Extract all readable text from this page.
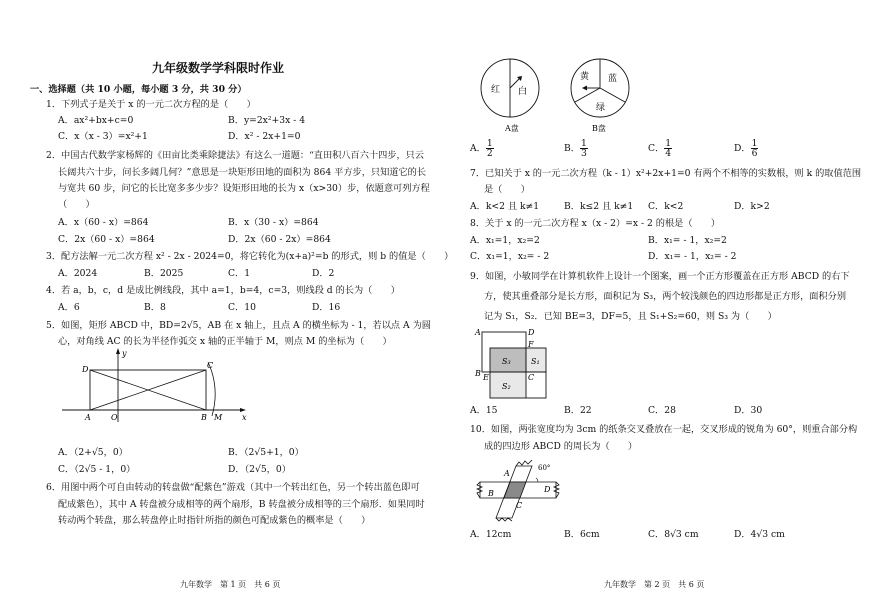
九年级数学学科限时作业
一、选择题（共 10 小题，每小题 3 分，共 30 分）
1．下列式子是关于 x 的一元二次方程的是（　　）
A．ax²+bx+c=0	B．y=2x²+3x - 4
C．x（x - 3）=x²+1	D．x² - 2x+1=0
2．中国古代数学家杨辉的《田亩比类乘除捷法》有这么一道题：“直田积八百六十四步，只云
长阔共六十步，问长多阔几何？”意思是一块矩形田地的面积为 864 平方步，只知道它的长
与宽共 60 步，问它的长比宽多多少步？设矩形田地的长为 x（x>30）步，依题意可列方程
（　　）
A．x（60 - x）=864	B．x（30 - x）=864
C．2x（60 - x）=864	D．2x（60 - 2x）=864
3．配方法解一元二次方程 x² - 2x - 2024=0，将它转化为(x+a)²=b 的形式，则 b 的值是（　　）
A．2024	B．2025	C．1	D．2
4．若 a，b，c，d 是成比例线段，其中 a=1，b=4，c=3，则线段 d 的长为（　　）
A．6	B．8	C．10	D．16
5．如图，矩形 ABCD 中，BD=2√5，AB 在 x 轴上，且点 A 的横坐标为 - 1，若以点 A 为圆
心，对角线 AC 的长为半径作弧交 x 轴的正半轴于 M，则点 M 的坐标为（　　）
y
x
D	C
A	O	B M
A．（2+√5，0）	B．（2√5+1，0）
C．（2√5 - 1，0）	D．（2√5，0）
6．用图中两个可自由转动的转盘做“配紫色”游戏（其中一个转出红色，另一个转出蓝色即可
配成紫色），其中 A 转盘被分成相等的两个扇形，B 转盘被分成相等的三个扇形．如果同时
转动两个转盘，那么转盘停止时指针所指的颜色可配成紫色的概率是（　　）
九年数学　第 1 页　共 6 页
红 白
黄 蓝
绿
A盘	B盘
A． $\frac{1}{2}$	B． $\frac{1}{3}$	C． $\frac{1}{4}$	D． $\frac{1}{6}$
7．已知关于 x 的一元二次方程（k - 1）x²+2x+1=0 有两个不相等的实数根，则 k 的取值范围
是（　　）
A．k<2 且 k≠1	B．k≤2 且 k≠1 C．k<2	D．k>2
8．关于 x 的一元二次方程 x（x - 2）=x - 2 的根是（　　）
A．x₁=1，x₂=2	B．x₁= - 1，x₂=2
C．x₁=1，x₂= - 2	D．x₁= - 1，x₂= - 2
9．如图，小敏同学在计算机软件上设计一个图案，画一个正方形覆盖在正方形 ABCD 的右下
方，使其重叠部分是长方形，面积记为 S₃，两个较浅颜色的四边形都是正方形，面积分别
记为 S₁，S₂．已知 BE=3，DF=5，且 S₁+S₂=60，则 S₃ 为（　　）
A	D
F
B E	C
S₃	S₁
S₂
A．15	B．22	C．28	D．30
10．如图，两张宽度均为 3cm 的纸条交叉叠放在一起，交叉形成的锐角为 60°，则重合部分构
成的四边形 ABCD 的周长为（　　）
A
B
C
D
60°
A．12cm	B．6cm	C．8√3 cm	D．4√3 cm
九年数学　第 2 页　共 6 页
